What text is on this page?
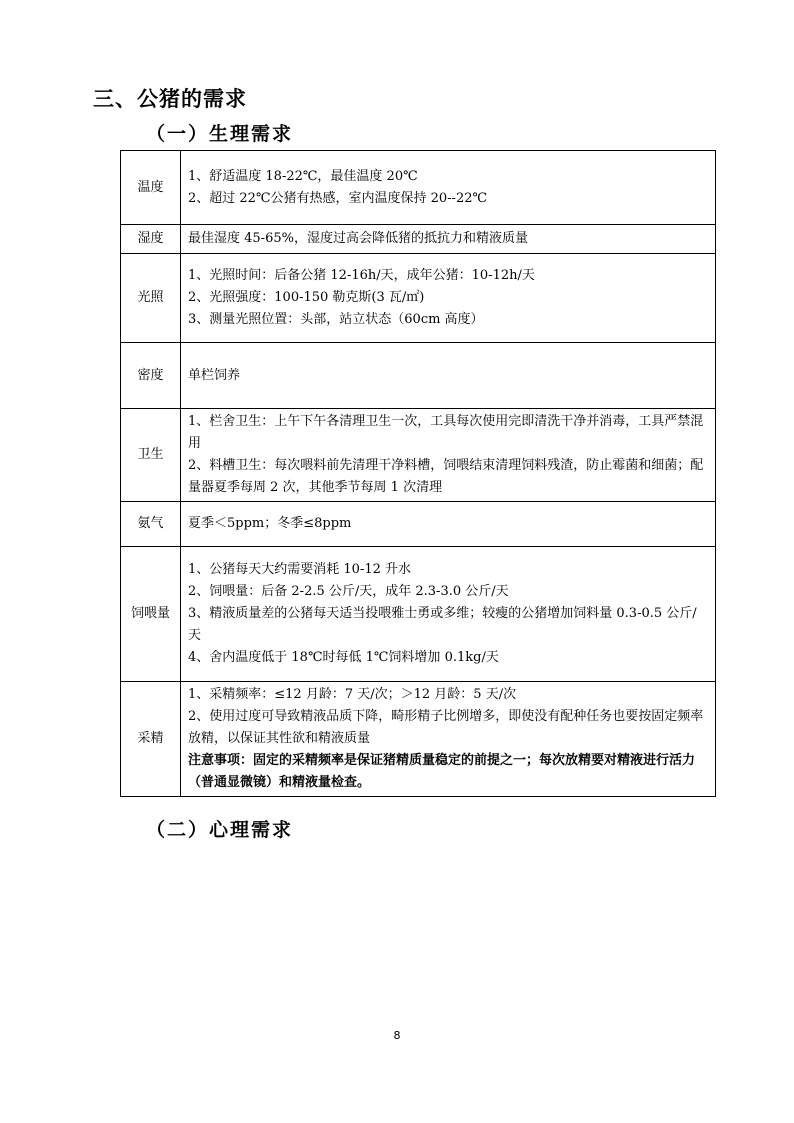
三、公猪的需求
（一）生理需求
温度	1、舒适温度 18-22℃，最佳温度 20℃
2、超过 22℃公猪有热感，室内温度保持 20--22℃

湿度	最佳湿度 45-65%，湿度过高会降低猪的抵抗力和精液质量

光照	1、光照时间：后备公猪 12-16h/天，成年公猪：10-12h/天
2、光照强度：100-150 勒克斯(3 瓦/㎡)
3、测量光照位置：头部，站立状态（60cm 高度）

密度	单栏饲养

卫生	1、栏舍卫生：上午下午各清理卫生一次，工具每次使用完即清洗干净并消毒，工具严禁混用
2、料槽卫生：每次喂料前先清理干净料槽，饲喂结束清理饲料残渣，防止霉菌和细菌；配量器夏季每周 2 次，其他季节每周 1 次清理

氨气	夏季＜5ppm；冬季≤8ppm

饲喂量	1、公猪每天大约需要消耗 10-12 升水
2、饲喂量：后备 2-2.5 公斤/天，成年 2.3-3.0 公斤/天
3、精液质量差的公猪每天适当投喂雅士勇或多维；较瘦的公猪增加饲料量 0.3-0.5 公斤/天
4、舍内温度低于 18℃时每低 1℃饲料增加 0.1kg/天

采精	1、采精频率：≤12 月龄：7 天/次；＞12 月龄：5 天/次
2、使用过度可导致精液品质下降，畸形精子比例增多，即使没有配种任务也要按固定频率放精，以保证其性欲和精液质量
注意事项：固定的采精频率是保证猪精质量稳定的前提之一；每次放精要对精液进行活力（普通显微镜）和精液量检查。
（二）心理需求
8
